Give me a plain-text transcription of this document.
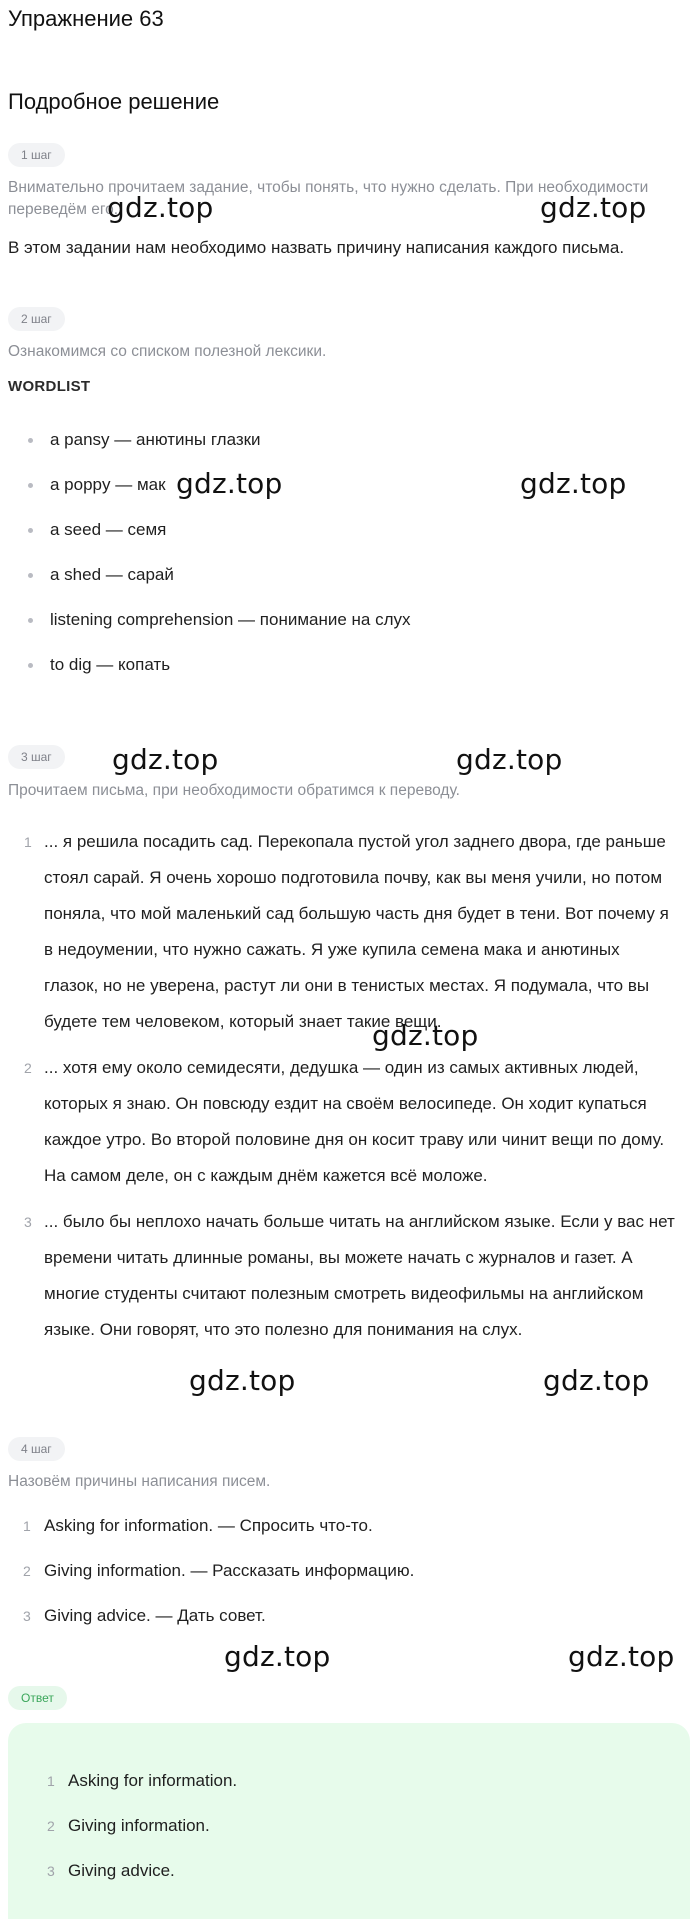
Упражнение 63
Подробное решение
1 шаг
Внимательно прочитаем задание, чтобы понять, что нужно сделать. При необходимости переведём его.
В этом задании нам необходимо назвать причину написания каждого письма.
2 шаг
Ознакомимся со списком полезной лексики.
WORDLIST
a pansy — анютины глазки
a poppy — мак
a seed — семя
a shed — сарай
listening comprehension — понимание на слух
to dig — копать
3 шаг
Прочитаем письма, при необходимости обратимся к переводу.
1 ... я решила посадить сад. Перекопала пустой угол заднего двора, где раньше стоял сарай. Я очень хорошо подготовила почву, как вы меня учили, но потом поняла, что мой маленький сад большую часть дня будет в тени. Вот почему я в недоумении, что нужно сажать. Я уже купила семена мака и анютиных глазок, но не уверена, растут ли они в тенистых местах. Я подумала, что вы будете тем человеком, который знает такие вещи.
2 ... хотя ему около семидесяти, дедушка — один из самых активных людей, которых я знаю. Он повсюду ездит на своём велосипеде. Он ходит купаться каждое утро. Во второй половине дня он косит траву или чинит вещи по дому. На самом деле, он с каждым днём кажется всё моложе.
3 ... было бы неплохо начать больше читать на английском языке. Если у вас нет времени читать длинные романы, вы можете начать с журналов и газет. А многие студенты считают полезным смотреть видеофильмы на английском языке. Они говорят, что это полезно для понимания на слух.
4 шаг
Назовём причины написания писем.
1 Asking for information. — Спросить что-то.
2 Giving information. — Рассказать информацию.
3 Giving advice. — Дать совет.
Ответ
1 Asking for information.
2 Giving information.
3 Giving advice.
gdz.top	gdz.top
gdz.top	gdz.top
gdz.top	gdz.top
gdz.top
gdz.top	gdz.top
gdz.top	gdz.top
